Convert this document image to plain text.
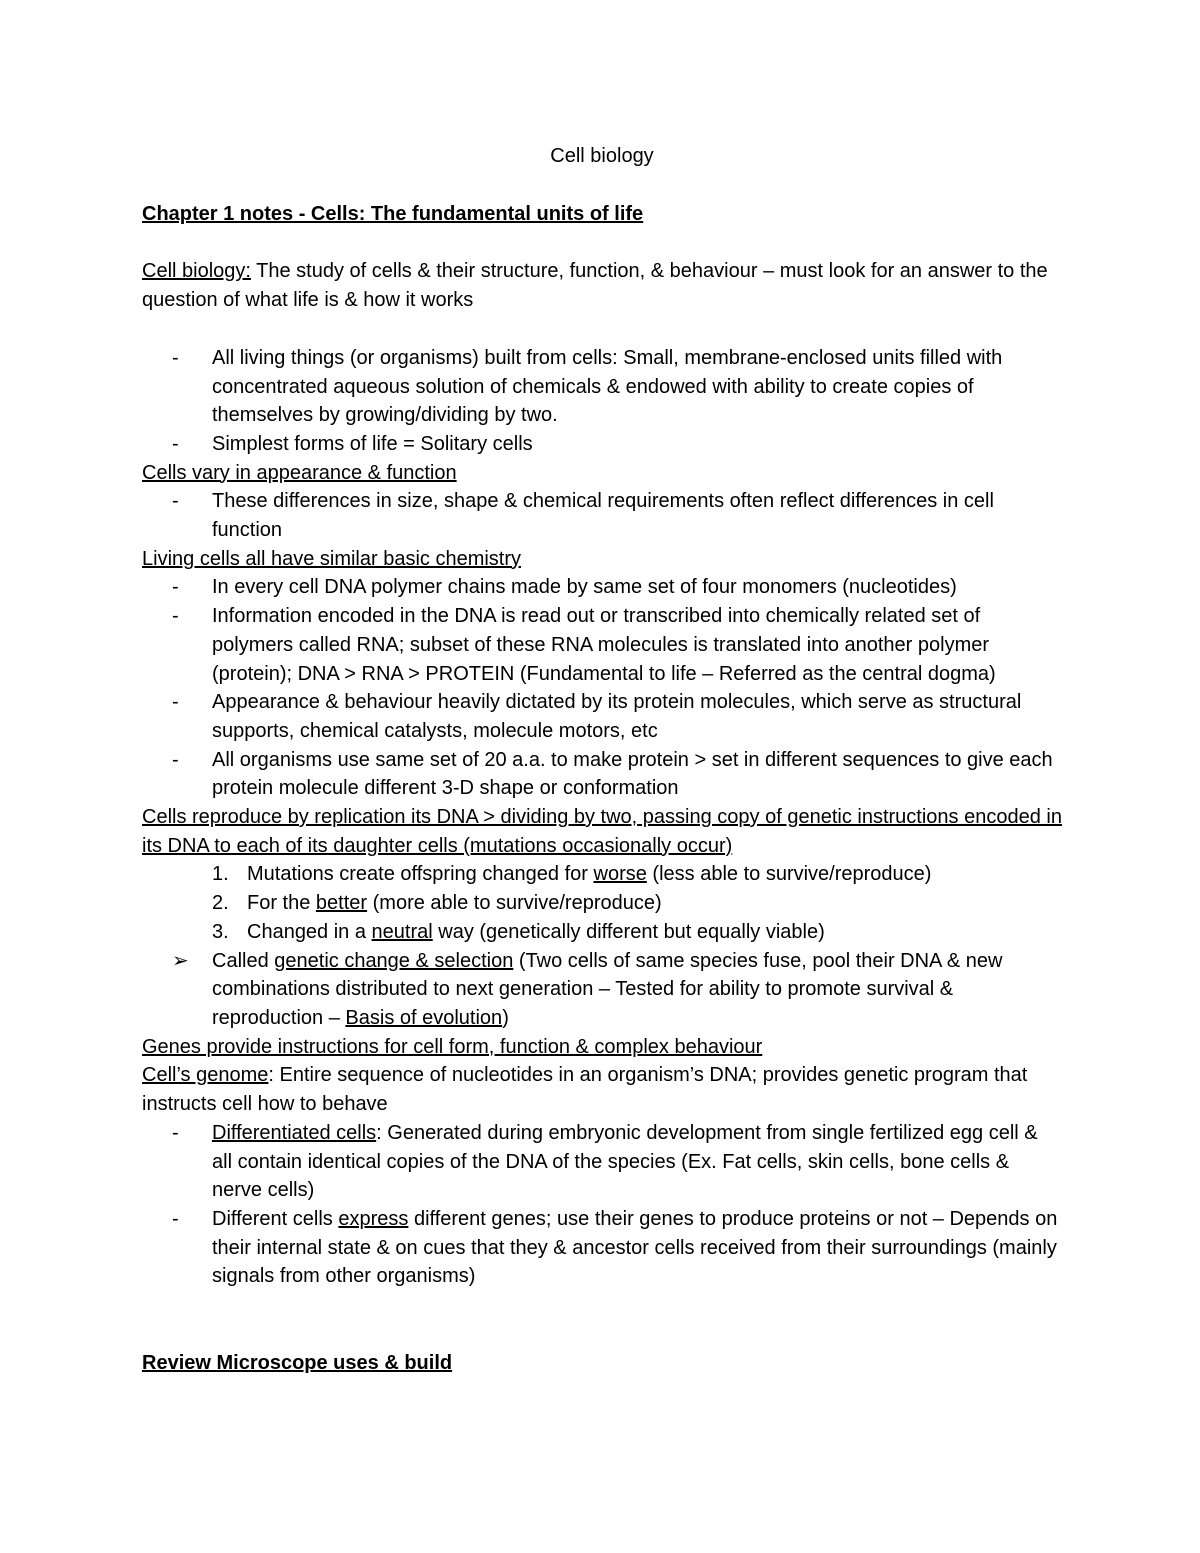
Cell biology

Chapter 1 notes - Cells: The fundamental units of life

Cell biology: The study of cells & their structure, function, & behaviour – must look for an answer to the question of what life is & how it works

- All living things (or organisms) built from cells: Small, membrane-enclosed units filled with concentrated aqueous solution of chemicals & endowed with ability to create copies of themselves by growing/dividing by two.

- Simplest forms of life = Solitary cells

Cells vary in appearance & function

- These differences in size, shape & chemical requirements often reflect differences in cell function

Living cells all have similar basic chemistry

- In every cell DNA polymer chains made by same set of four monomers (nucleotides)

- Information encoded in the DNA is read out or transcribed into chemically related set of polymers called RNA; subset of these RNA molecules is translated into another polymer (protein); DNA > RNA > PROTEIN (Fundamental to life – Referred as the central dogma)

- Appearance & behaviour heavily dictated by its protein molecules, which serve as structural supports, chemical catalysts, molecule motors, etc

- All organisms use same set of 20 a.a. to make protein > set in different sequences to give each protein molecule different 3-D shape or conformation

Cells reproduce by replication its DNA > dividing by two, passing copy of genetic instructions encoded in its DNA to each of its daughter cells (mutations occasionally occur)

1. Mutations create offspring changed for worse (less able to survive/reproduce)

2. For the better (more able to survive/reproduce)

3. Changed in a neutral way (genetically different but equally viable)

➢ Called genetic change & selection (Two cells of same species fuse, pool their DNA & new combinations distributed to next generation – Tested for ability to promote survival & reproduction – Basis of evolution)

Genes provide instructions for cell form, function & complex behaviour

Cell’s genome: Entire sequence of nucleotides in an organism’s DNA; provides genetic program that instructs cell how to behave

- Differentiated cells: Generated during embryonic development from single fertilized egg cell & all contain identical copies of the DNA of the species (Ex. Fat cells, skin cells, bone cells & nerve cells)

- Different cells express different genes; use their genes to produce proteins or not – Depends on their internal state & on cues that they & ancestor cells received from their surroundings (mainly signals from other organisms)

Review Microscope uses & build
